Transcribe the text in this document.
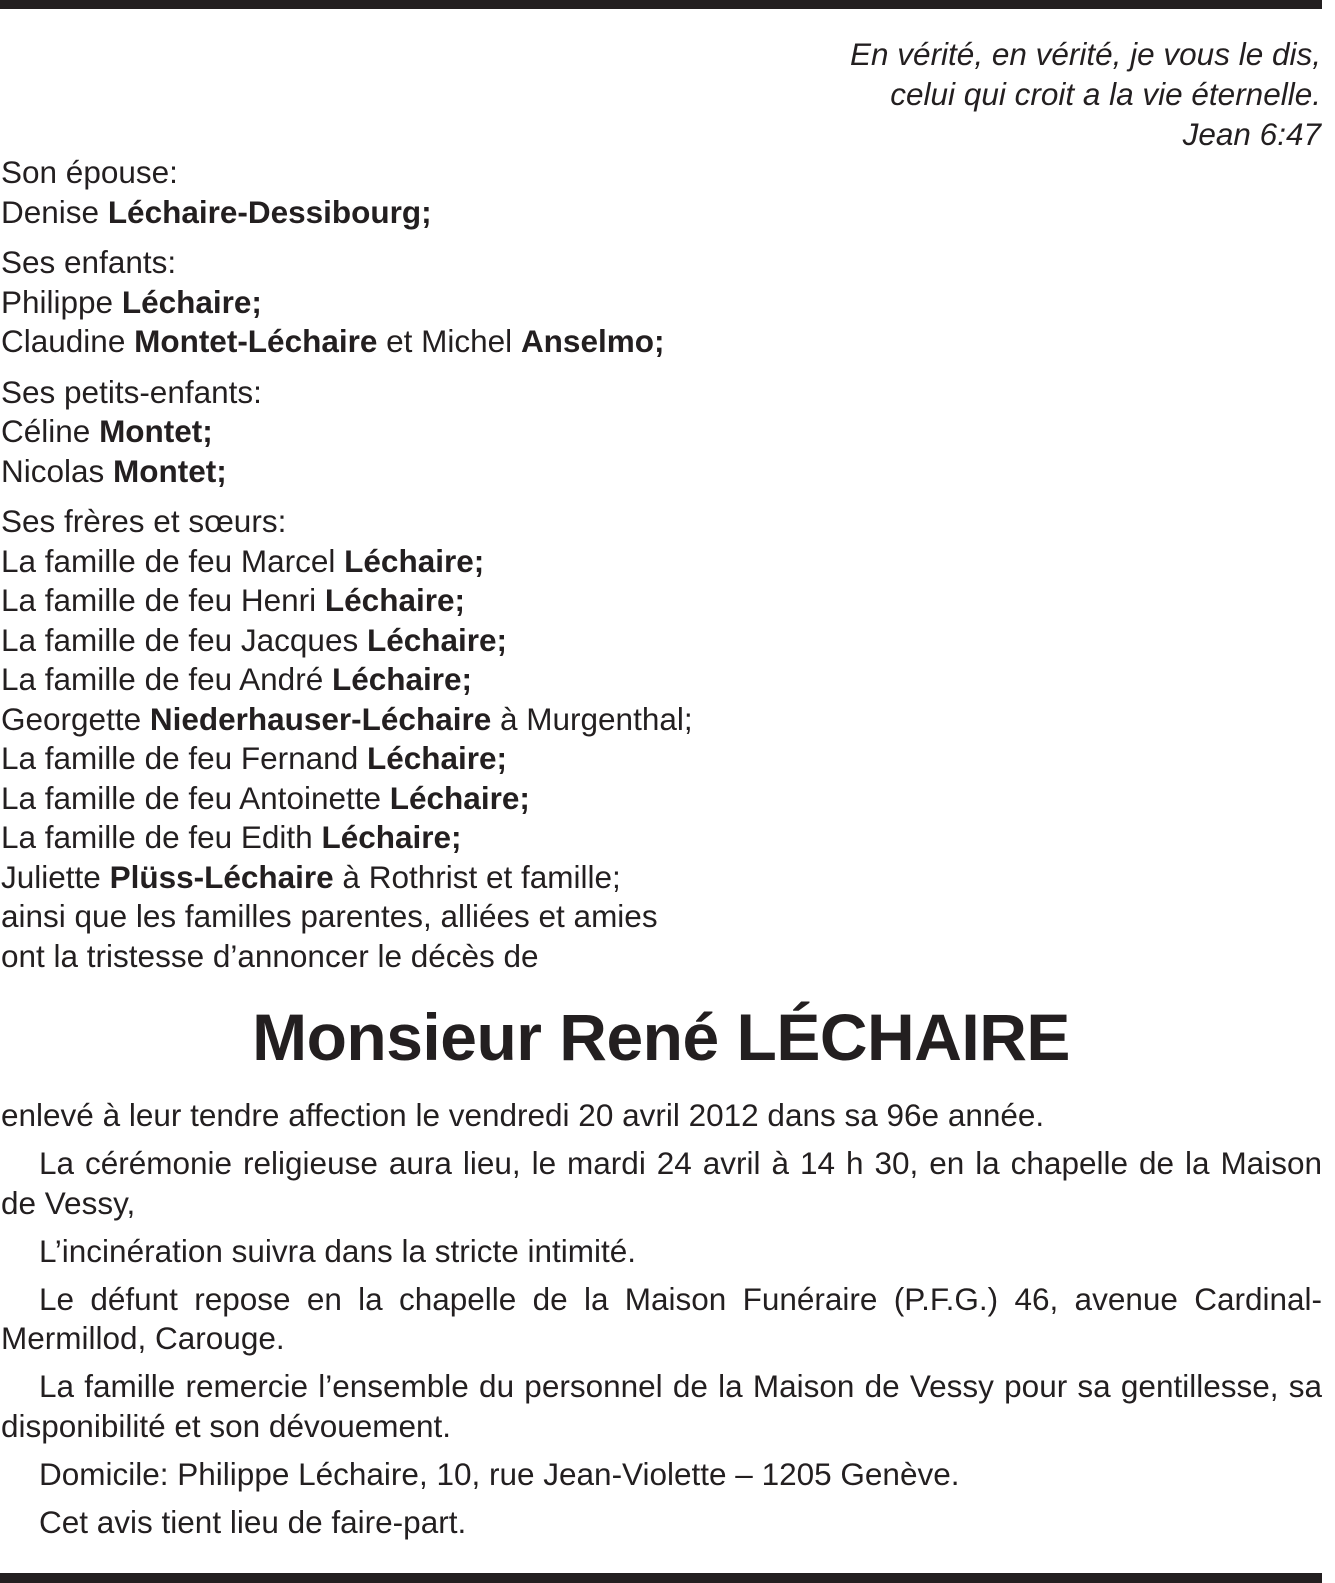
En vérité, en vérité, je vous le dis,
celui qui croit a la vie éternelle.
Jean 6:47
Son épouse:
Denise Léchaire-Dessibourg;
Ses enfants:
Philippe Léchaire;
Claudine Montet-Léchaire et Michel Anselmo;
Ses petits-enfants:
Céline Montet;
Nicolas Montet;
Ses frères et sœurs:
La famille de feu Marcel Léchaire;
La famille de feu Henri Léchaire;
La famille de feu Jacques Léchaire;
La famille de feu André Léchaire;
Georgette Niederhauser-Léchaire à Murgenthal;
La famille de feu Fernand Léchaire;
La famille de feu Antoinette Léchaire;
La famille de feu Edith Léchaire;
Juliette Plüss-Léchaire à Rothrist et famille;
ainsi que les familles parentes, alliées et amies
ont la tristesse d’annoncer le décès de
Monsieur René LÉCHAIRE

enlevé à leur tendre affection le vendredi 20 avril 2012 dans sa 96e année.

La cérémonie religieuse aura lieu, le mardi 24 avril à 14 h 30, en la chapelle de la Maison de Vessy,

L’incinération suivra dans la stricte intimité.

Le défunt repose en la chapelle de la Maison Funéraire (P.F.G.) 46, avenue Cardinal-Mermillod, Carouge.

La famille remercie l’ensemble du personnel de la Maison de Vessy pour sa gentillesse, sa disponibilité et son dévouement.

Domicile: Philippe Léchaire, 10, rue Jean-Violette – 1205 Genève.

Cet avis tient lieu de faire-part.
